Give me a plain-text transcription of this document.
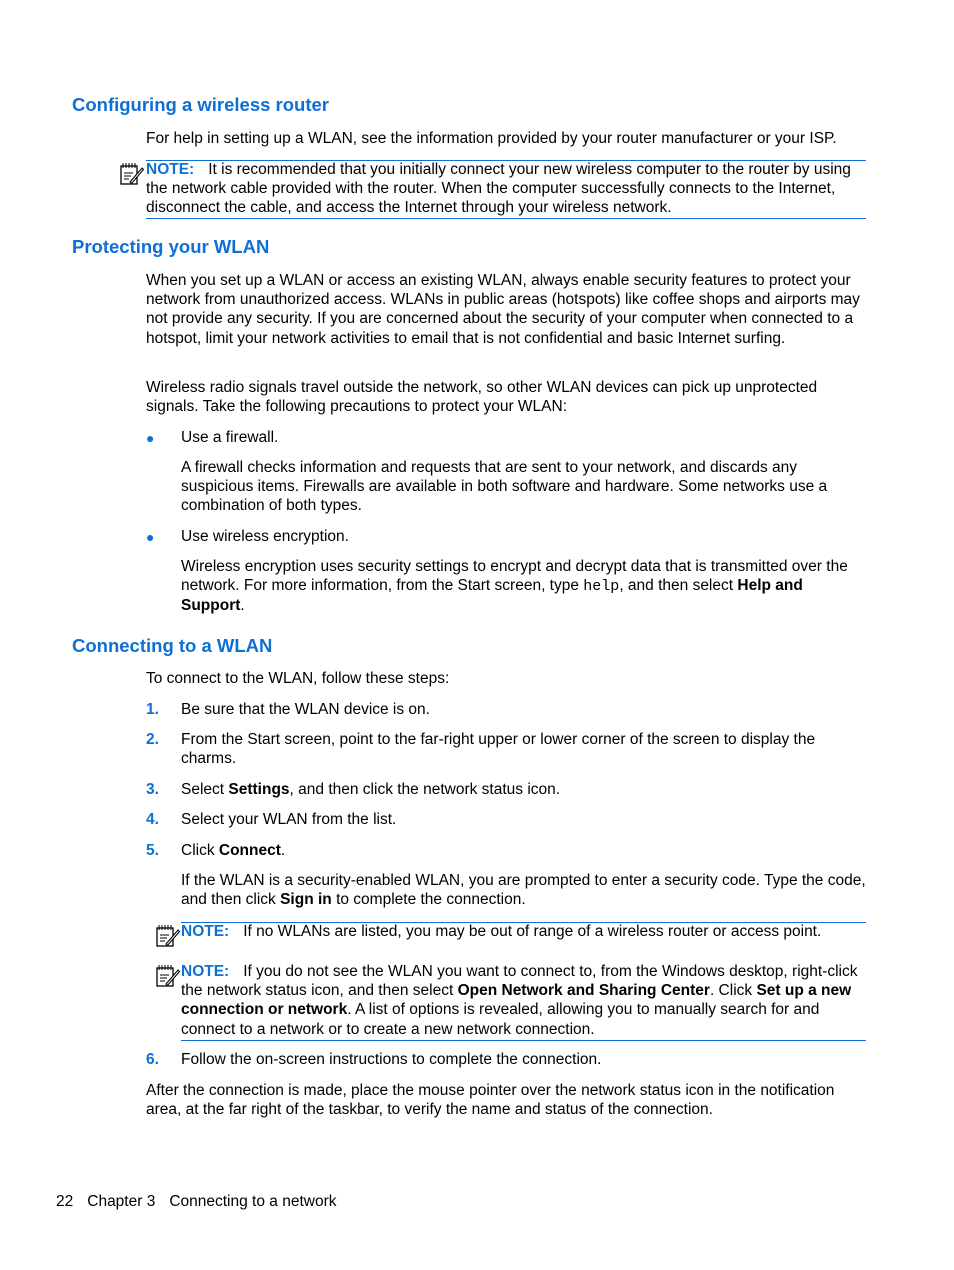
Configuring a wireless router

For help in setting up a WLAN, see the information provided by your router manufacturer or your ISP.

NOTE: It is recommended that you initially connect your new wireless computer to the router by using the network cable provided with the router. When the computer successfully connects to the Internet, disconnect the cable, and access the Internet through your wireless network.

Protecting your WLAN

When you set up a WLAN or access an existing WLAN, always enable security features to protect your network from unauthorized access. WLANs in public areas (hotspots) like coffee shops and airports may not provide any security. If you are concerned about the security of your computer when connected to a hotspot, limit your network activities to email that is not confidential and basic Internet surfing.

Wireless radio signals travel outside the network, so other WLAN devices can pick up unprotected signals. Take the following precautions to protect your WLAN:

● Use a firewall.

A firewall checks information and requests that are sent to your network, and discards any suspicious items. Firewalls are available in both software and hardware. Some networks use a combination of both types.

● Use wireless encryption.

Wireless encryption uses security settings to encrypt and decrypt data that is transmitted over the network. For more information, from the Start screen, type help, and then select Help and Support.

Connecting to a WLAN

To connect to the WLAN, follow these steps:

1. Be sure that the WLAN device is on.

2. From the Start screen, point to the far-right upper or lower corner of the screen to display the charms.

3. Select Settings, and then click the network status icon.

4. Select your WLAN from the list.

5. Click Connect.

If the WLAN is a security-enabled WLAN, you are prompted to enter a security code. Type the code, and then click Sign in to complete the connection.

NOTE: If no WLANs are listed, you may be out of range of a wireless router or access point.

NOTE: If you do not see the WLAN you want to connect to, from the Windows desktop, right-click the network status icon, and then select Open Network and Sharing Center. Click Set up a new connection or network. A list of options is revealed, allowing you to manually search for and connect to a network or to create a new network connection.

6. Follow the on-screen instructions to complete the connection.

After the connection is made, place the mouse pointer over the network status icon in the notification area, at the far right of the taskbar, to verify the name and status of the connection.

22 Chapter 3 Connecting to a network
